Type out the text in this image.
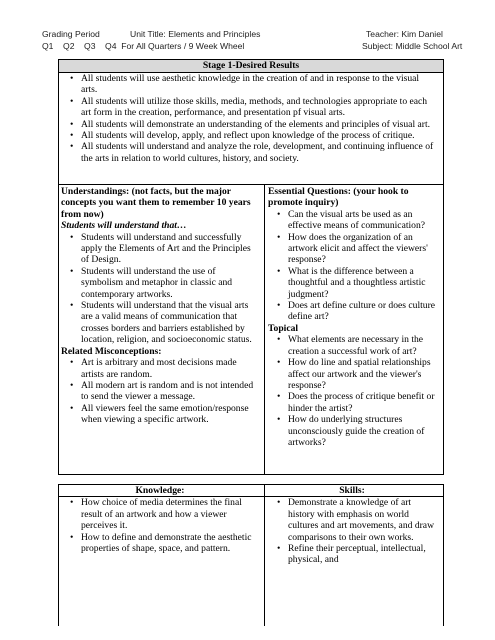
Grading Period	Unit Title: Elements and Principles	Teacher: Kim Daniel
Q1    Q2    Q3    Q4  For All Quarters / 9 Week Wheel	Subject: Middle School Art
Stage 1-Desired Results
• All students will use aesthetic knowledge in the creation of and in response to the visual arts.
• All students will utilize those skills, media, methods, and technologies appropriate to each art form in the creation, performance, and presentation pf visual arts.
• All students will demonstrate an understanding of the elements and principles of visual art.
• All students will develop, apply, and reflect upon knowledge of the process of critique.
• All students will understand and analyze the role, development, and continuing influence of the arts in relation to world cultures, history, and society.
Understandings: (not facts, but the major concepts you want them to remember 10 years from now)
Students will understand that…
• Students will understand and successfully apply the Elements of Art and the Principles of Design.
• Students will understand the use of symbolism and metaphor in classic and contemporary artworks.
• Students will understand that the visual arts are a valid means of communication that crosses borders and barriers established by location, religion, and socioeconomic status.
Related Misconceptions:
• Art is arbitrary and most decisions made artists are random.
• All modern art is random and is not intended to send the viewer a message.
• All viewers feel the same emotion/response when viewing a specific artwork.
Essential Questions: (your hook to promote inquiry)
• Can the visual arts be used as an effective means of communication?
• How does the organization of an artwork elicit and affect the viewers' response?
• What is the difference between a thoughtful and a thoughtless artistic judgment?
• Does art define culture or does culture define art?
Topical
• What elements are necessary in the creation a successful work of art?
• How do line and spatial relationships affect our artwork and the viewer's response?
• Does the process of critique benefit or hinder the artist?
• How do underlying structures unconsciously guide the creation of artworks?
Knowledge:
• How choice of media determines the final result of an artwork and how a viewer perceives it.
• How to define and demonstrate the aesthetic properties of shape, space, and pattern.
Skills:
• Demonstrate a knowledge of art history with emphasis on world cultures and art movements, and draw comparisons to their own works.
• Refine their perceptual, intellectual, physical, and
